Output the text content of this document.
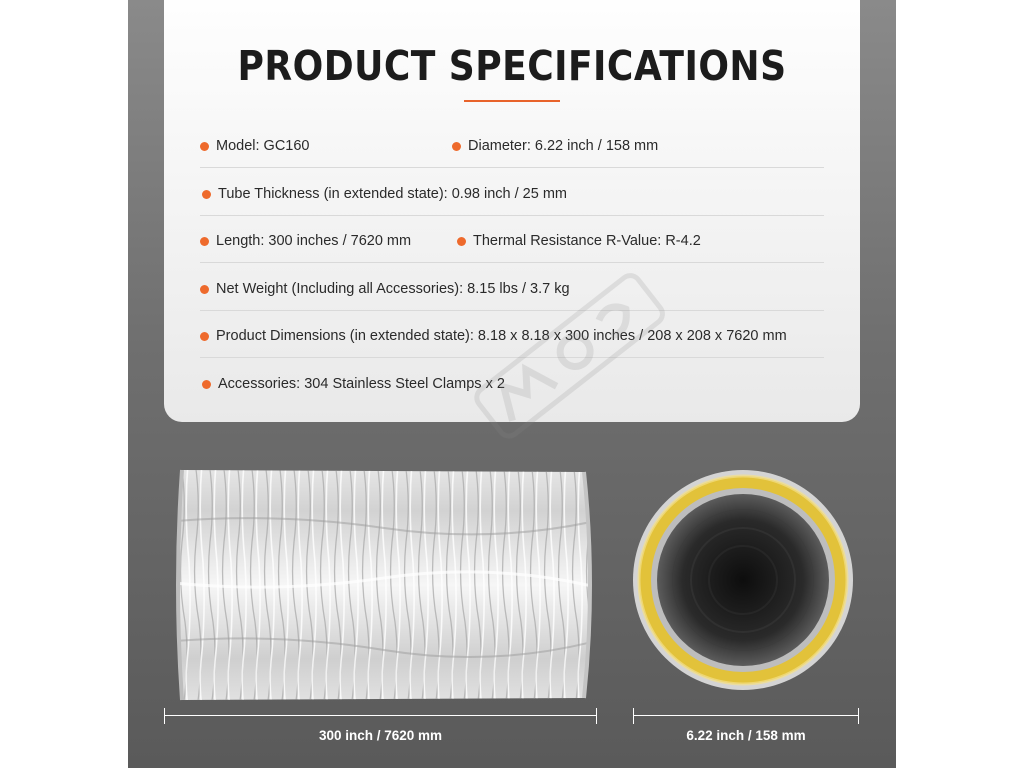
PRODUCT SPECIFICATIONS
Model: GC160	Diameter: 6.22 inch / 158 mm
Tube Thickness (in extended state): 0.98 inch / 25 mm
Length: 300 inches / 7620 mm	Thermal Resistance R-Value: R-4.2
Net Weight (Including all Accessories): 8.15 lbs / 3.7 kg
Product Dimensions (in extended state): 8.18 x 8.18 x 300 inches / 208 x 208 x 7620 mm
Accessories: 304 Stainless Steel Clamps x 2
300 inch / 7620 mm	6.22 inch / 158 mm
